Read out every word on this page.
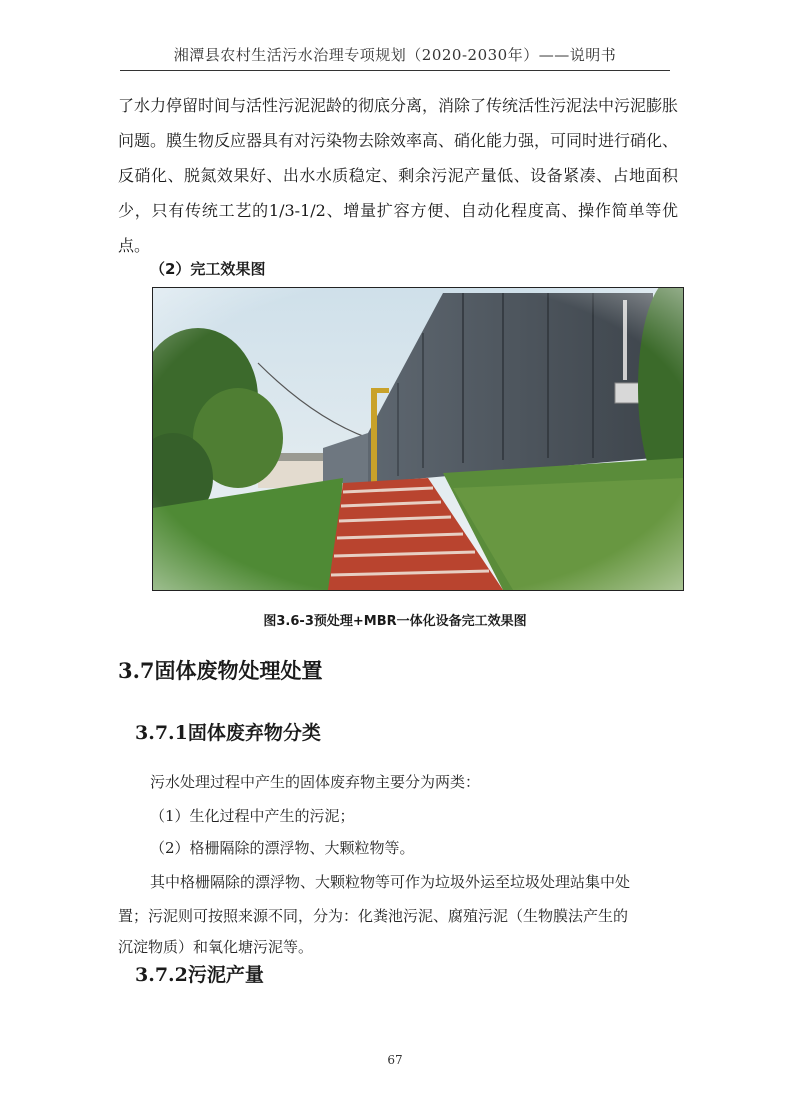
湘潭县农村生活污水治理专项规划（2020-2030年）——说明书
了水力停留时间与活性污泥泥龄的彻底分离，消除了传统活性污泥法中污泥膨胀问题。膜生物反应器具有对污染物去除效率高、硝化能力强，可同时进行硝化、反硝化、脱氮效果好、出水水质稳定、剩余污泥产量低、设备紧凑、占地面积少，只有传统工艺的1/3-1/2、增量扩容方便、自动化程度高、操作简单等优点。
（2）完工效果图
图3.6-3预处理+MBR一体化设备完工效果图
3.7固体废物处理处置
3.7.1固体废弃物分类
污水处理过程中产生的固体废弃物主要分为两类：
（1）生化过程中产生的污泥；
（2）格栅隔除的漂浮物、大颗粒物等。
其中格栅隔除的漂浮物、大颗粒物等可作为垃圾外运至垃圾处理站集中处
置；污泥则可按照来源不同，分为：化粪池污泥、腐殖污泥（生物膜法产生的
沉淀物质）和氧化塘污泥等。
3.7.2污泥产量
67
